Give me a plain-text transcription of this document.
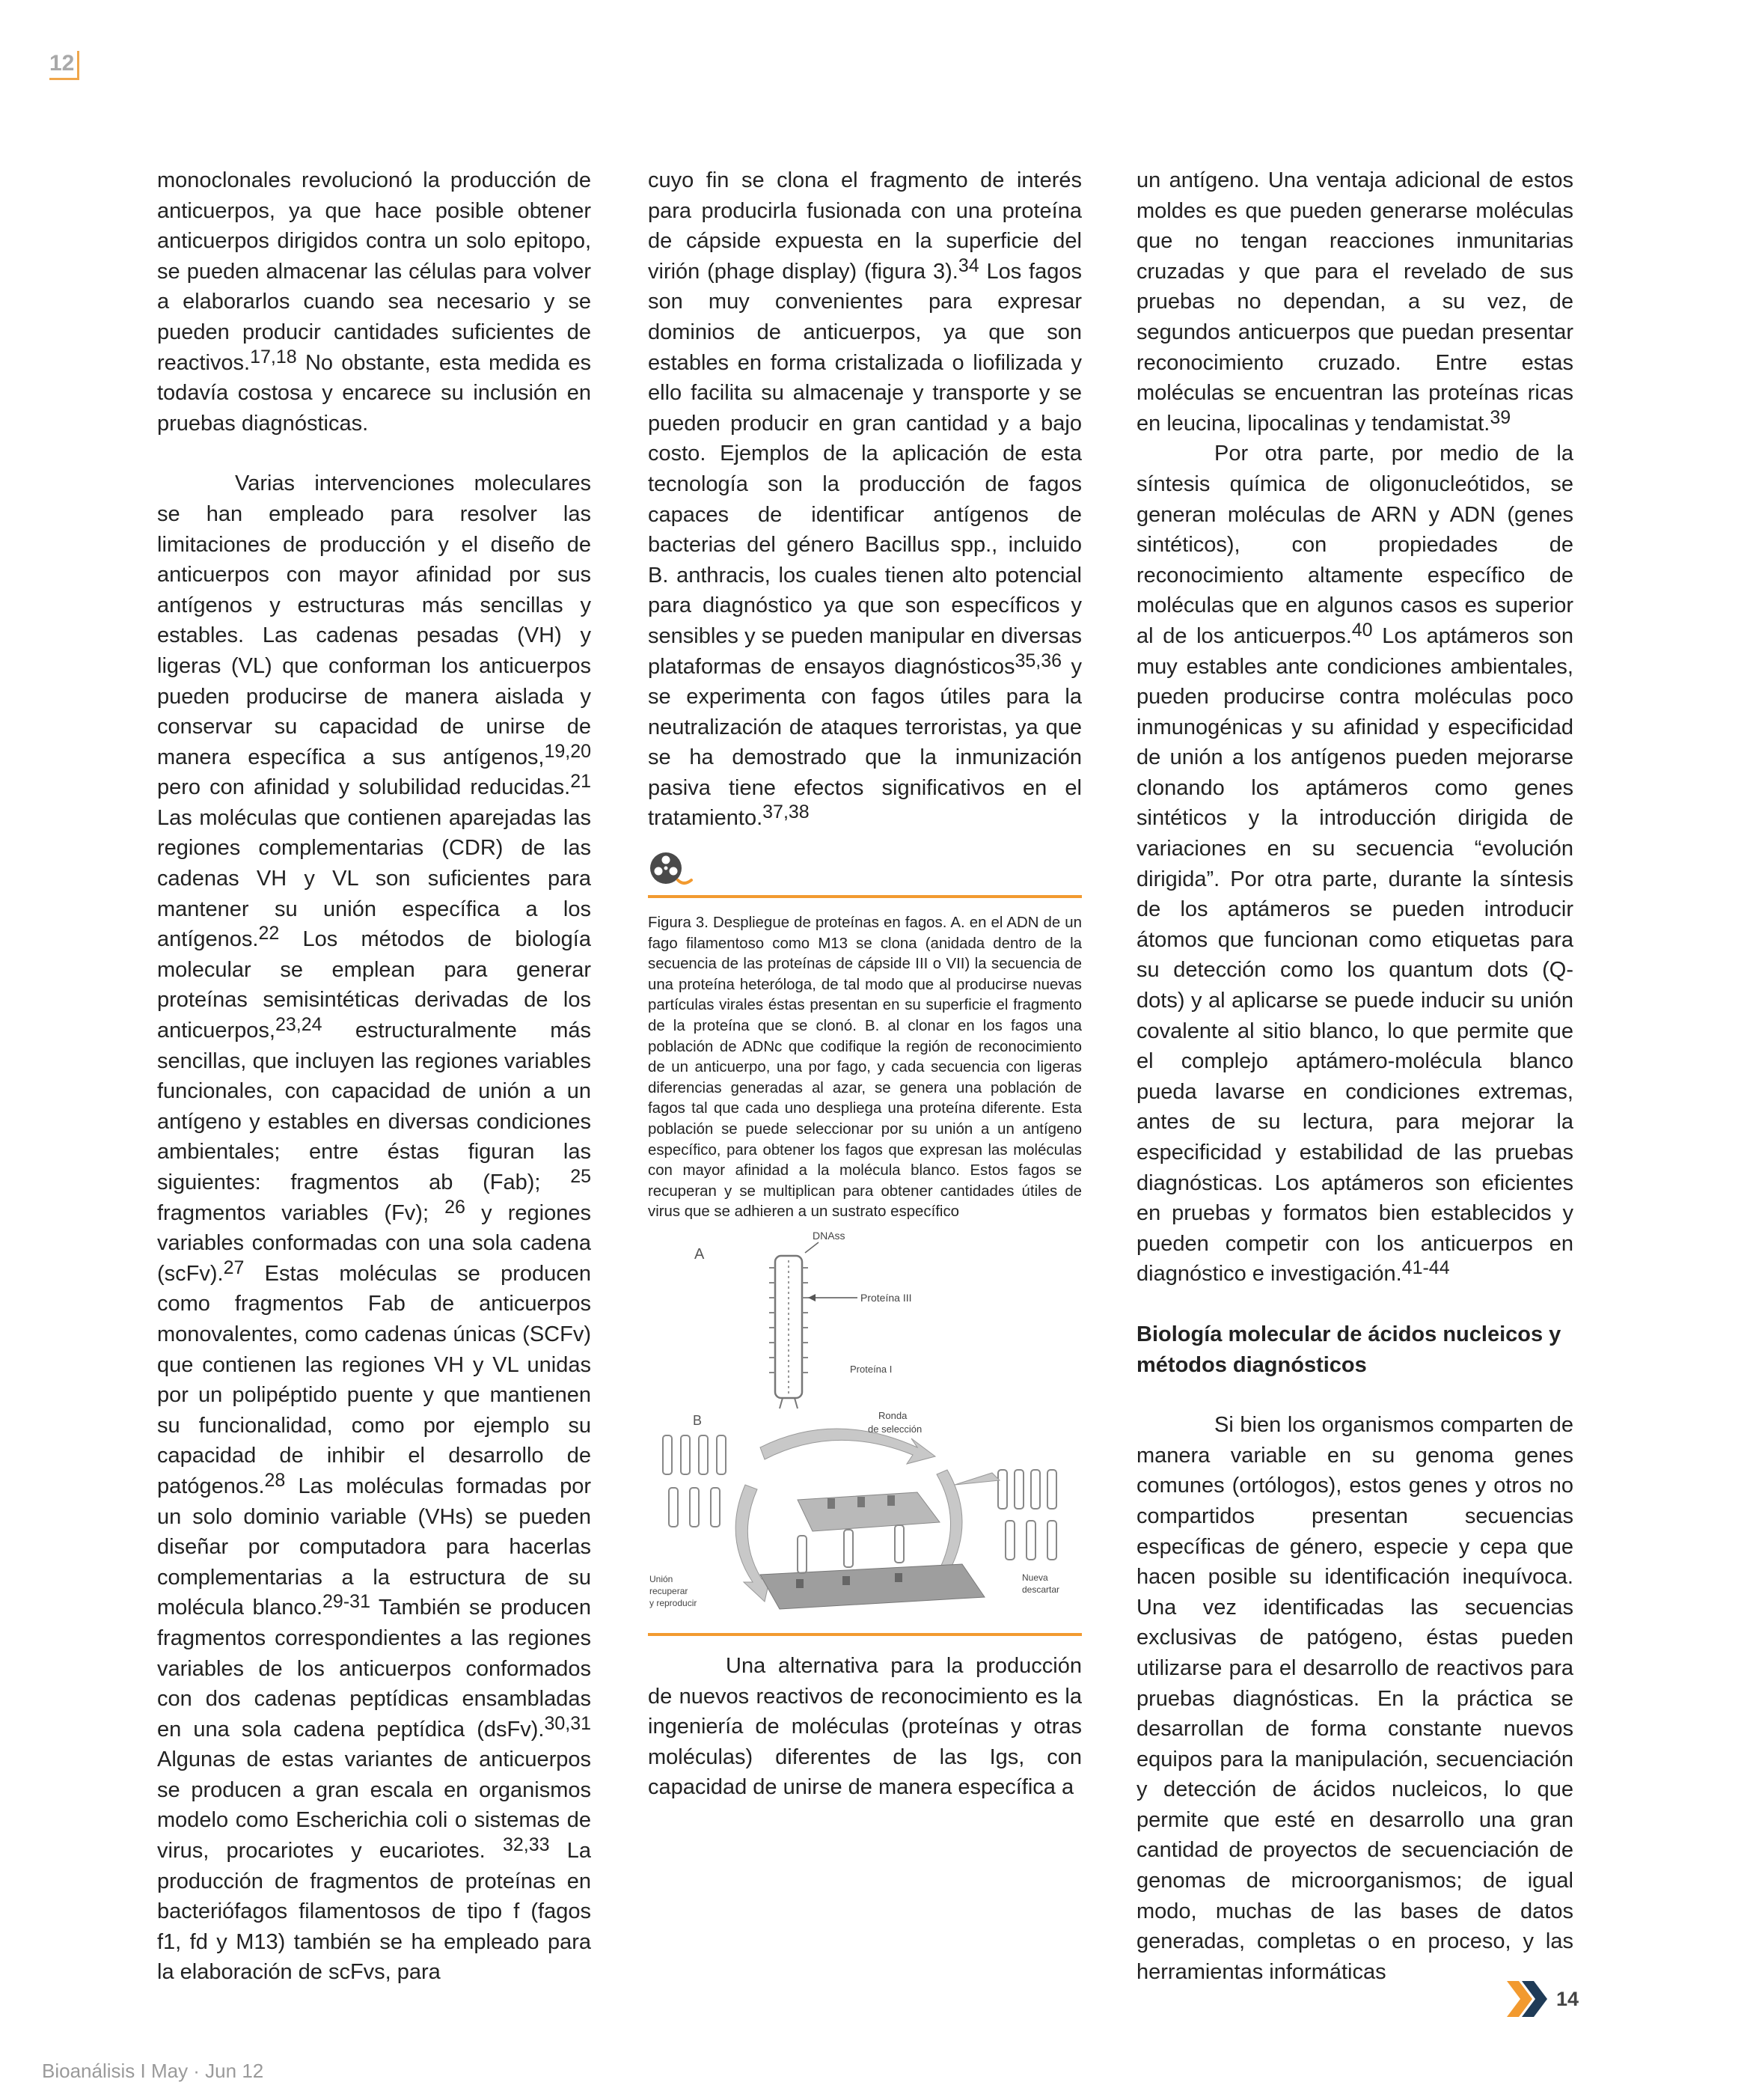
12

monoclonales revolucionó la producción de anticuerpos, ya que hace posible obtener anticuerpos dirigidos contra un solo epitopo, se pueden almacenar las células para volver a elaborarlos cuando sea necesario y se pueden producir cantidades suficientes de reactivos.$^{17,18}$ No obstante, esta medida es todavía costosa y encarece su inclusión en pruebas diagnósticas.

Varias intervenciones moleculares se han empleado para resolver las limitaciones de producción y el diseño de anticuerpos con mayor afinidad por sus antígenos y estructuras más sencillas y estables. Las cadenas pesadas (VH) y ligeras (VL) que conforman los anticuerpos pueden producirse de manera aislada y conservar su capacidad de unirse de manera específica a sus antígenos,$^{19,20}$ pero con afinidad y solubilidad reducidas.$^{21}$ Las moléculas que contienen aparejadas las regiones complementarias (CDR) de las cadenas VH y VL son suficientes para mantener su unión específica a los antígenos.$^{22}$ Los métodos de biología molecular se emplean para generar proteínas semisintéticas derivadas de los anticuerpos,$^{23,24}$ estructuralmente más sencillas, que incluyen las regiones variables funcionales, con capacidad de unión a un antígeno y estables en diversas condiciones ambientales; entre éstas figuran las siguientes: fragmentos ab (Fab); $^{25}$ fragmentos variables (Fv); $^{26}$ y regiones variables conformadas con una sola cadena (scFv).$^{27}$ Estas moléculas se producen como fragmentos Fab de anticuerpos monovalentes, como cadenas únicas (SCFv) que contienen las regiones VH y VL unidas por un polipéptido puente y que mantienen su funcionalidad, como por ejemplo su capacidad de inhibir el desarrollo de patógenos.$^{28}$ Las moléculas formadas por un solo dominio variable (VHs) se pueden diseñar por computadora para hacerlas complementarias a la estructura de su molécula blanco.$^{29-31}$ También se producen fragmentos correspondientes a las regiones variables de los anticuerpos conformados con dos cadenas peptídicas ensambladas en una sola cadena peptídica (dsFv).$^{30,31}$ Algunas de estas variantes de anticuerpos se producen a gran escala en organismos modelo como Escherichia coli o sistemas de virus, procariotes y eucariotes. $^{32,33}$ La producción de fragmentos de proteínas en bacteriófagos filamentosos de tipo f (fagos f1, fd y M13) también se ha empleado para la elaboración de scFvs, para

cuyo fin se clona el fragmento de interés para producirla fusionada con una proteína de cápside expuesta en la superficie del virión (phage display) (figura 3).$^{34}$ Los fagos son muy convenientes para expresar dominios de anticuerpos, ya que son estables en forma cristalizada o liofilizada y ello facilita su almacenaje y transporte y se pueden producir en gran cantidad y a bajo costo. Ejemplos de la aplicación de esta tecnología son la producción de fagos capaces de identificar antígenos de bacterias del género Bacillus spp., incluido B. anthracis, los cuales tienen alto potencial para diagnóstico ya que son específicos y sensibles y se pueden manipular en diversas plataformas de ensayos diagnósticos$^{35,36}$ y se experimenta con fagos útiles para la neutralización de ataques terroristas, ya que se ha demostrado que la inmunización pasiva tiene efectos significativos en el tratamiento.$^{37,38}$

Figura 3. Despliegue de proteínas en fagos. A. en el ADN de un fago filamentoso como M13 se clona (anidada dentro de la secuencia de las proteínas de cápside III o VII) la secuencia de una proteína heteróloga, de tal modo que al producirse nuevas partículas virales éstas presentan en su superficie el fragmento de la proteína que se clonó. B. al clonar en los fagos una población de ADNc que codifique la región de reconocimiento de un anticuerpo, una por fago, y cada secuencia con ligeras diferencias generadas al azar, se genera una población de fagos tal que cada uno despliega una proteína diferente. Esta población se puede seleccionar por su unión a un antígeno específico, para obtener los fagos que expresan las moléculas con mayor afinidad a la molécula blanco. Estos fagos se recuperan y se multiplican para obtener cantidades útiles de virus que se adhieren a un sustrato específico

A
DNAss
Proteína III
Proteína I
B	Ronda
de selección
Unión
recuperar
y reproducir
Nueva
descartar

Una alternativa para la producción de nuevos reactivos de reconocimiento es la ingeniería de moléculas (proteínas y otras moléculas) diferentes de las Igs, con capacidad de unirse de manera específica a

un antígeno. Una ventaja adicional de estos moldes es que pueden generarse moléculas que no tengan reacciones inmunitarias cruzadas y que para el revelado de sus pruebas no dependan, a su vez, de segundos anticuerpos que puedan presentar reconocimiento cruzado. Entre estas moléculas se encuentran las proteínas ricas en leucina, lipocalinas y tendamistat.$^{39}$

Por otra parte, por medio de la síntesis química de oligonucleótidos, se generan moléculas de ARN y ADN (genes sintéticos), con propiedades de reconocimiento altamente específico de moléculas que en algunos casos es superior al de los anticuerpos.$^{40}$ Los aptámeros son muy estables ante condiciones ambientales, pueden producirse contra moléculas poco inmunogénicas y su afinidad y especificidad de unión a los antígenos pueden mejorarse clonando los aptámeros como genes sintéticos y la introducción dirigida de variaciones en su secuencia “evolución dirigida”. Por otra parte, durante la síntesis de los aptámeros se pueden introducir átomos que funcionan como etiquetas para su detección como los quantum dots (Q-dots) y al aplicarse se puede inducir su unión covalente al sitio blanco, lo que permite que el complejo aptámero-molécula blanco pueda lavarse en condiciones extremas, antes de su lectura, para mejorar la especificidad y estabilidad de las pruebas diagnósticas. Los aptámeros son eficientes en pruebas y formatos bien establecidos y pueden competir con los anticuerpos en diagnóstico e investigación.$^{41-44}$

Biología molecular de ácidos nucleicos y métodos diagnósticos

Si bien los organismos comparten de manera variable en su genoma genes comunes (ortólogos), estos genes y otros no compartidos presentan secuencias específicas de género, especie y cepa que hacen posible su identificación inequívoca. Una vez identificadas las secuencias exclusivas de patógeno, éstas pueden utilizarse para el desarrollo de reactivos para pruebas diagnósticas. En la práctica se desarrollan de forma constante nuevos equipos para la manipulación, secuenciación y detección de ácidos nucleicos, lo que permite que esté en desarrollo una gran cantidad de proyectos de secuenciación de genomas de microorganismos; de igual modo, muchas de las bases de datos generadas, completas o en proceso, y las herramientas informáticas

14
Bioanálisis I May · Jun 12
